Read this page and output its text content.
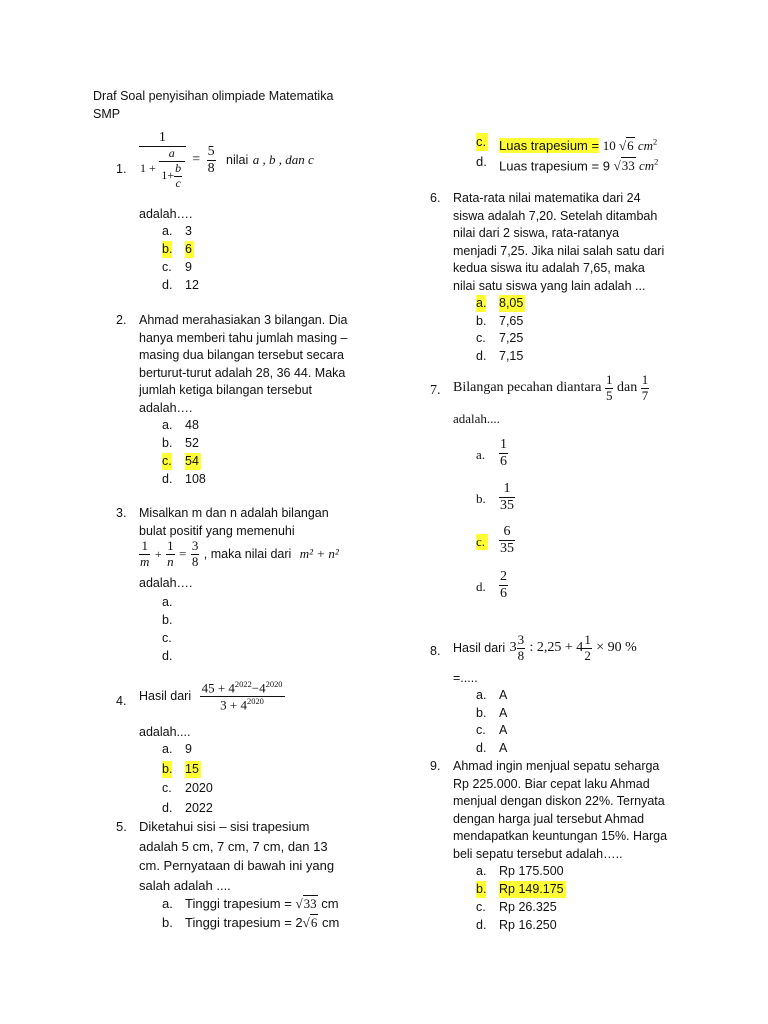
Draf Soal penyisihan olimpiade Matematika
SMP
1. $\frac{1}{1 + \frac{a}{1+ \frac{b}{c}}} = \frac{5}{8}$ nilai a , b , dan c
adalah….
a. 3
b. 6
c. 9
d. 12
2. Ahmad merahasiakan 3 bilangan. Dia
hanya memberi tahu jumlah masing –
masing dua bilangan tersebut secara
berturut-turut adalah 28, 36 44. Maka
jumlah ketiga bilangan tersebut
adalah….
a. 48
b. 52
c. 54
d. 108
3. Misalkan m dan n adalah bilangan
bulat positif yang memenuhi
$\frac{1}{m} + \frac{1}{n} = \frac{3}{8}$ , maka nilai dari m² + n²
adalah….
a.
b.
c.
d.
4. Hasil dari $\frac{45 + 4^{2022}-4^{2020}}{3 + 4^{2020}}$
adalah....
a. 9
b. 15
c. 2020
d. 2022
5. Diketahui sisi – sisi trapesium
adalah 5 cm, 7 cm, 7 cm, dan 13
cm. Pernyataan di bawah ini yang
salah adalah ....
a. Tinggi trapesium = √33 cm
b. Tinggi trapesium = 2√6 cm
c. Luas trapesium = 10 √6 $cm^2$
d. Luas trapesium = 9 √33 $cm^2$
6. Rata-rata nilai matematika dari 24
siswa adalah 7,20. Setelah ditambah
nilai dari 2 siswa, rata-ratanya
menjadi 7,25. Jika nilai salah satu dari
kedua siswa itu adalah 7,65, maka
nilai satu siswa yang lain adalah ...
a. 8,05
b. 7,65
c. 7,25
d. 7,15
7. Bilangan pecahan diantara $\frac{1}{5}$ dan $\frac{1}{7}$
adalah....
a. $\frac{1}{6}$
b. $\frac{1}{35}$
c. $\frac{6}{35}$
d. $\frac{2}{6}$
8. Hasil dari $3 \frac{3}{8}$ : $2,25 + 4 \frac{1}{2} \times 90$ %
=.....
a. A
b. A
c. A
d. A
9. Ahmad ingin menjual sepatu seharga
Rp 225.000. Biar cepat laku Ahmad
menjual dengan diskon 22%. Ternyata
dengan harga jual tersebut Ahmad
mendapatkan keuntungan 15%. Harga
beli sepatu tersebut adalah…..
a. Rp 175.500
b. Rp 149.175
c. Rp 26.325
d. Rp 16.250
